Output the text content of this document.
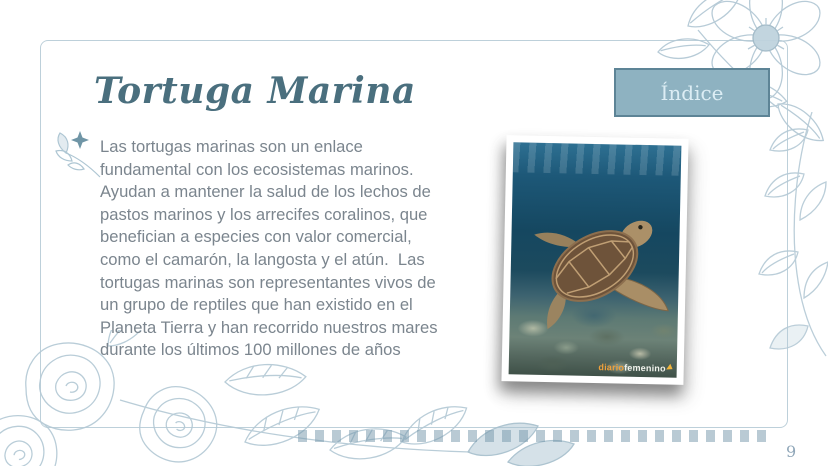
Tortuga Marina

Las tortugas marinas son un enlace fundamental con los ecosistemas marinos.  Ayudan a mantener la salud de los lechos de pastos marinos y los arrecifes coralinos, que benefician a especies con valor comercial, como el camarón, la langosta y el atún.  Las tortugas marinas son representantes vivos de un grupo de reptiles que han existido en el Planeta Tierra y han recorrido nuestros mares durante los últimos 100 millones de años

diariofemenino
Índice
9
